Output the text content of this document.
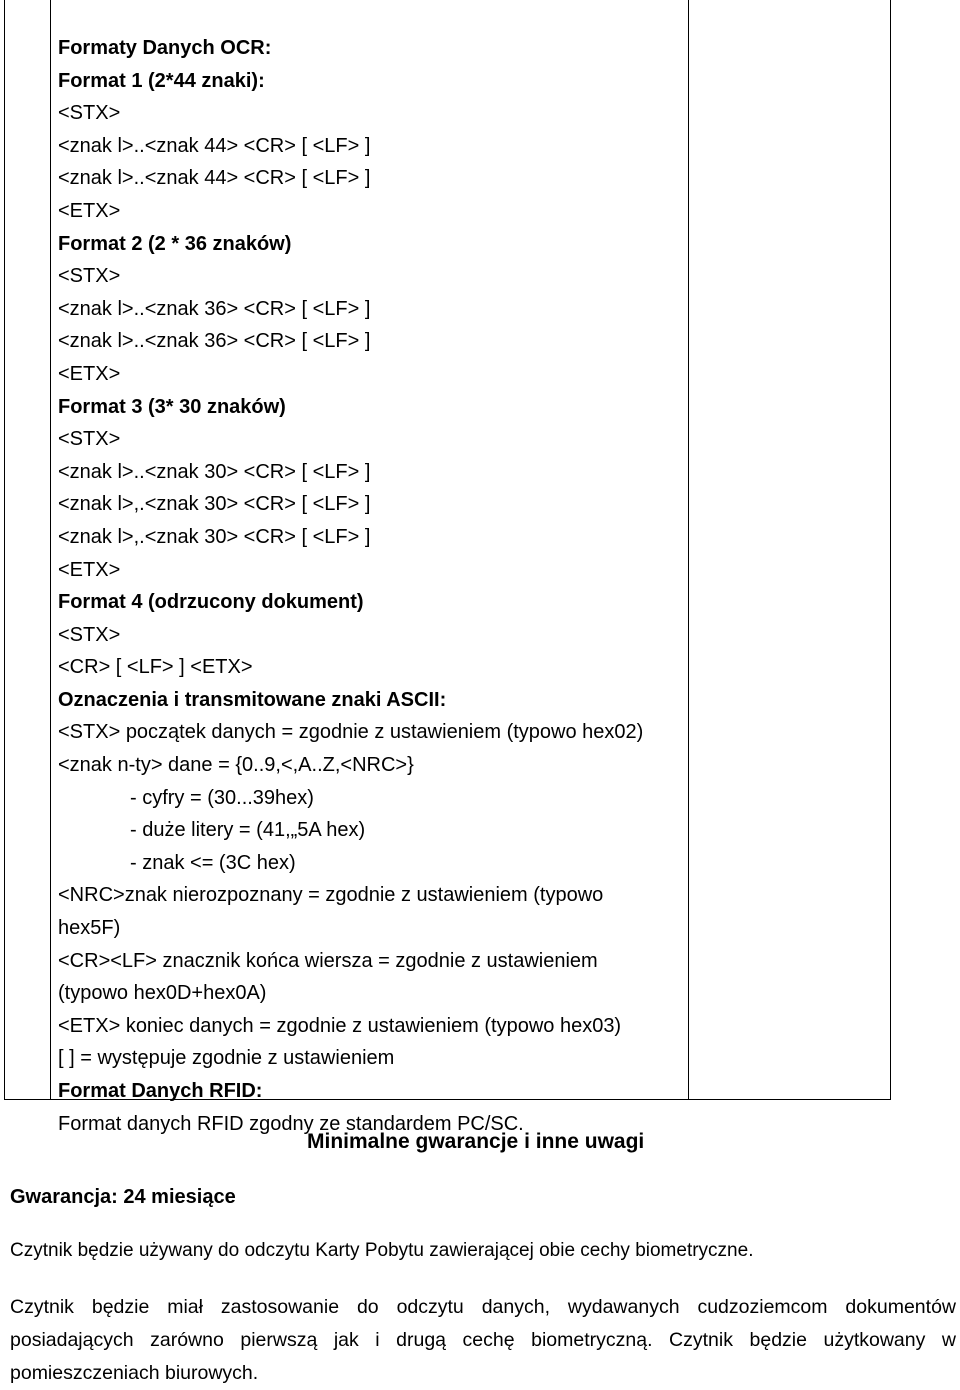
Formaty Danych OCR:
Format 1 (2*44 znaki):
<STX>
<znak l>..<znak 44> <CR> [ <LF> ]
<znak l>..<znak 44> <CR> [ <LF> ]
<ETX>
Format 2 (2 * 36 znaków)
<STX>
<znak l>..<znak 36> <CR> [ <LF> ]
<znak l>..<znak 36> <CR> [ <LF> ]
<ETX>
Format 3 (3* 30 znaków)
<STX>
<znak l>..<znak 30> <CR> [ <LF> ]
<znak l>,.<znak 30> <CR> [ <LF> ]
<znak l>,.<znak 30> <CR> [ <LF> ]
<ETX>
Format 4 (odrzucony dokument)
<STX>
<CR> [ <LF> ] <ETX>
Oznaczenia i transmitowane znaki ASCII:
<STX> początek danych = zgodnie z ustawieniem (typowo hex02)
<znak n-ty> dane = {0..9,<,A..Z,<NRC>}
- cyfry = (30...39hex)
- duże litery = (41,„5A hex)
- znak <= (3C hex)
<NRC>znak nierozpoznany = zgodnie z ustawieniem (typowo
hex5F)
<CR><LF> znacznik końca wiersza = zgodnie z ustawieniem
(typowo hex0D+hex0A)
<ETX> koniec danych = zgodnie z ustawieniem (typowo hex03)
[ ] = występuje zgodnie z ustawieniem
Format Danych RFID:
Format danych RFID zgodny ze standardem PC/SC.
Minimalne gwarancje i inne uwagi
Gwarancja: 24 miesiące
Czytnik będzie używany do odczytu Karty Pobytu zawierającej obie cechy biometryczne.
Czytnik będzie miał zastosowanie do odczytu danych, wydawanych cudzoziemcom dokumentów
posiadających zarówno pierwszą jak i drugą cechę biometryczną. Czytnik będzie użytkowany w
pomieszczeniach biurowych.
